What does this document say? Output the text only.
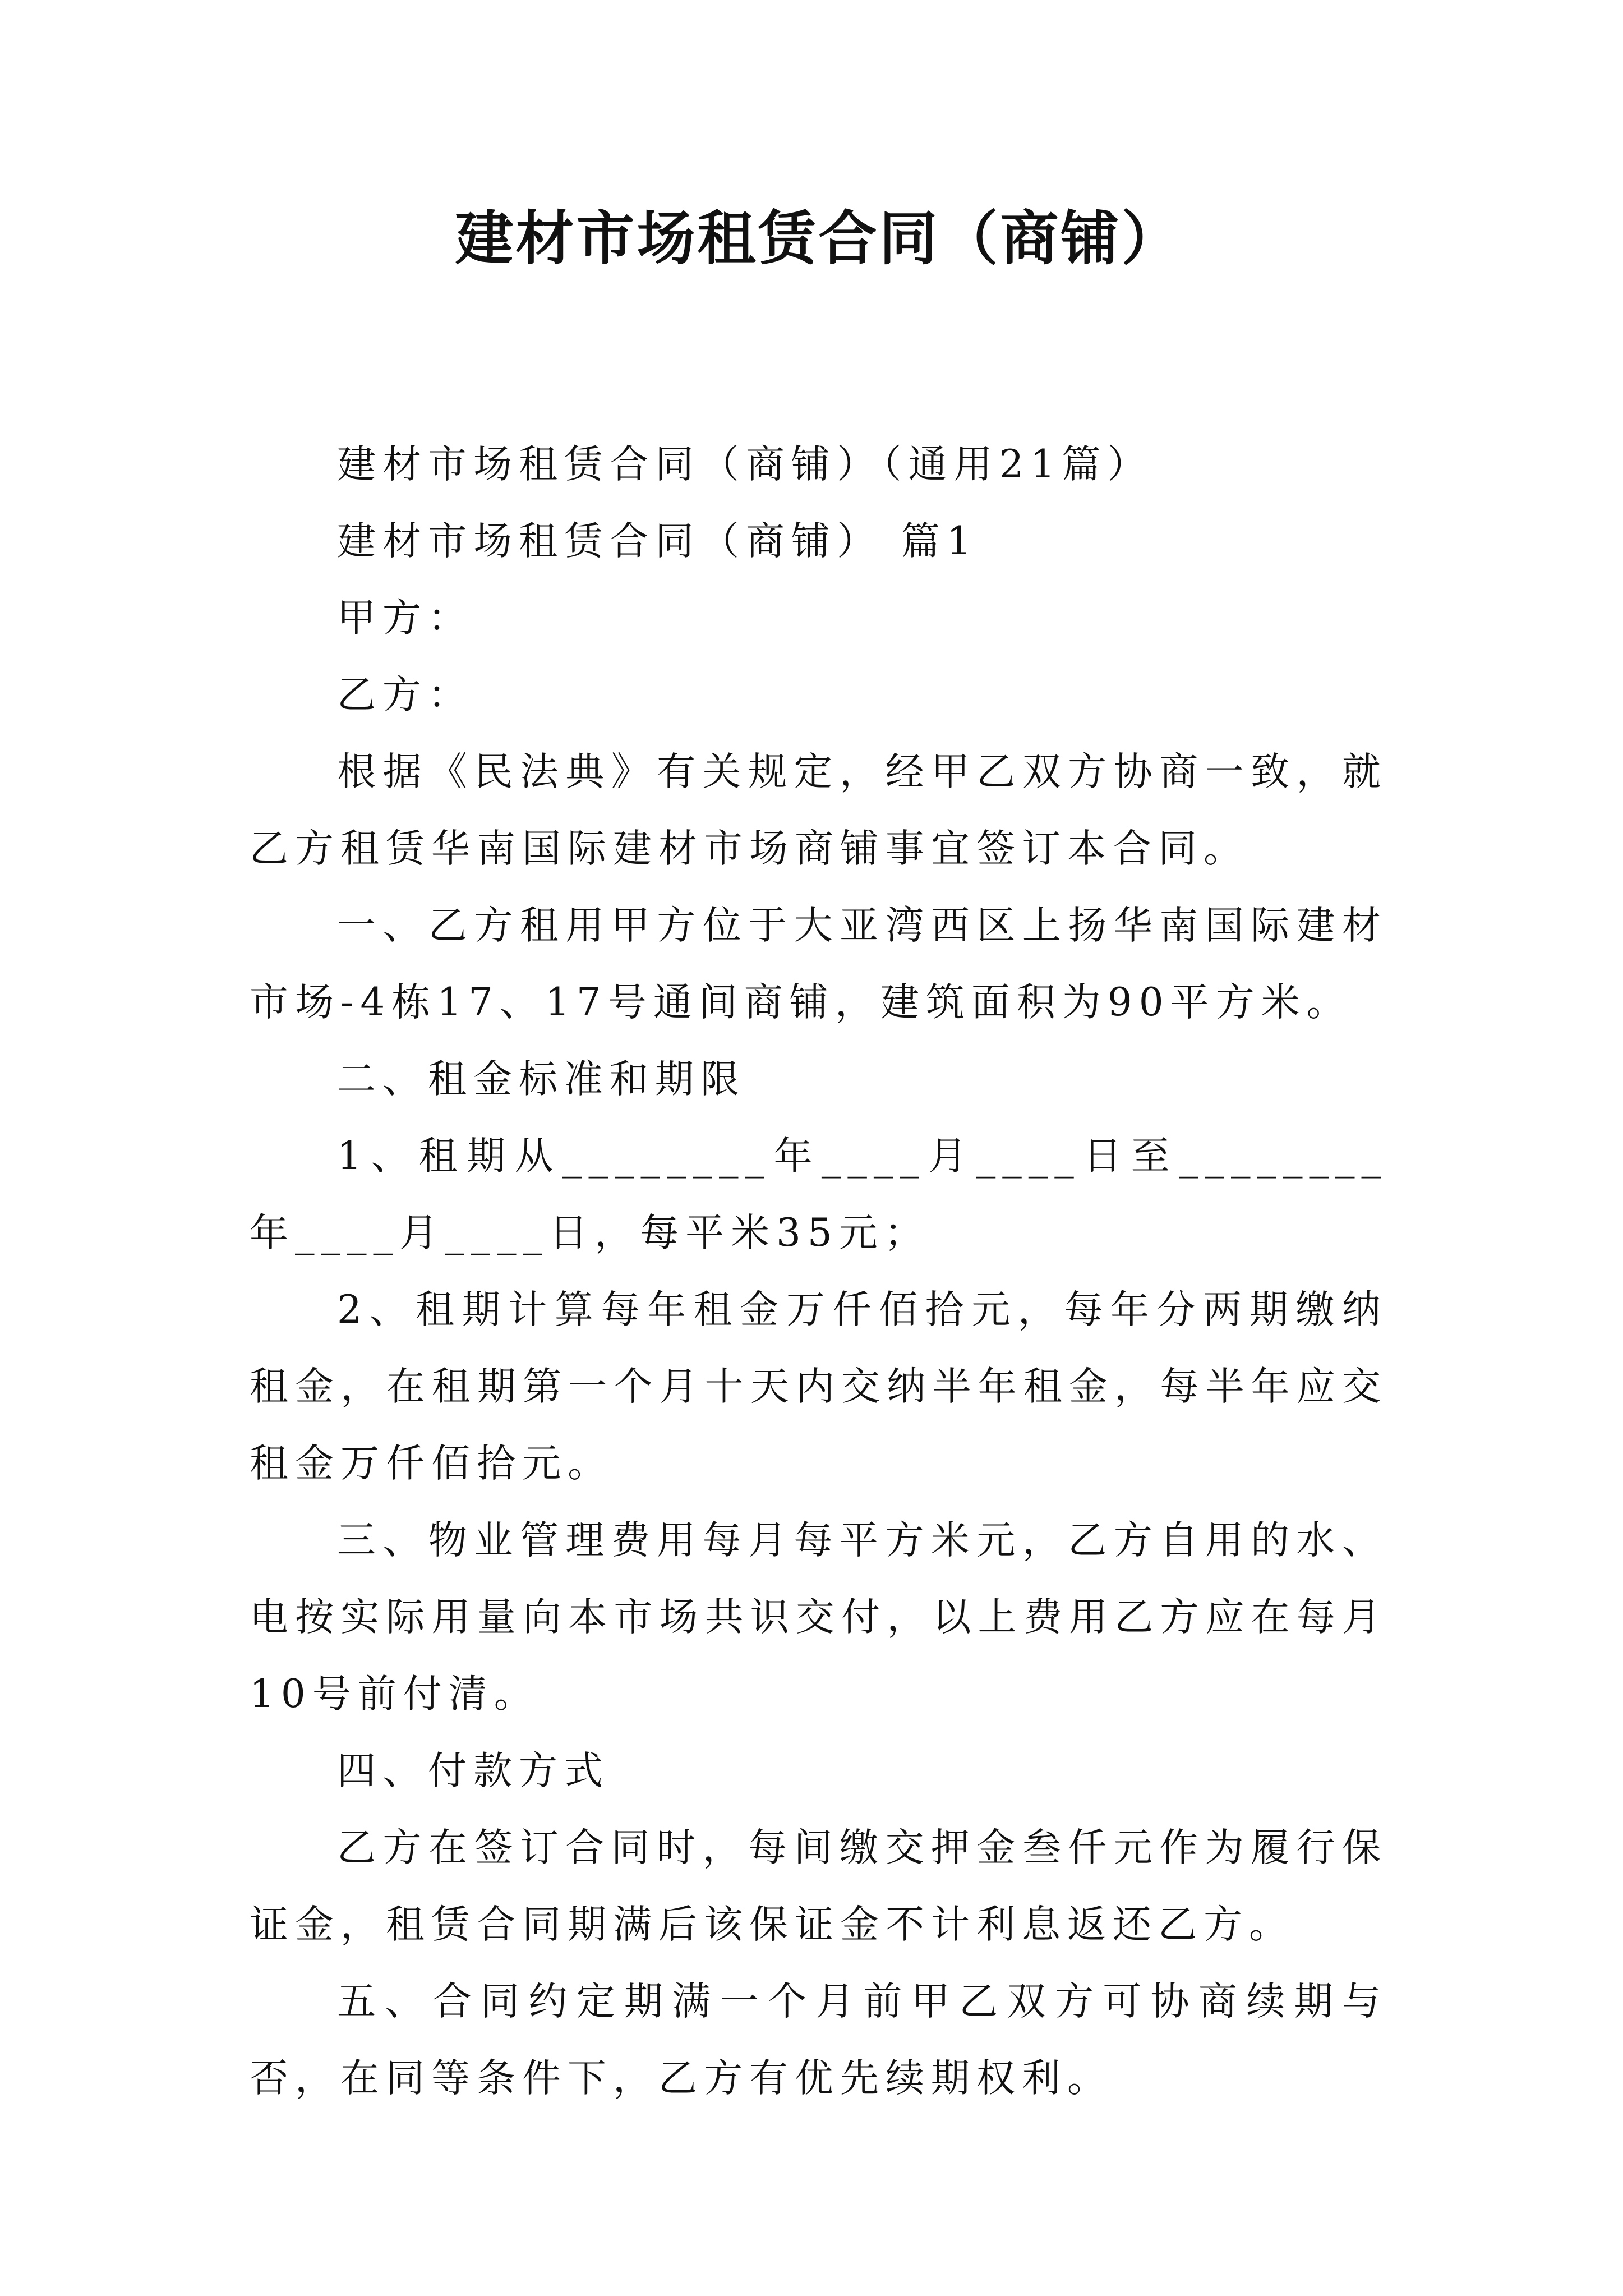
建材市场租赁合同（商铺）

建材市场租赁合同（商铺）（通用21篇）

建材市场租赁合同（商铺） 篇1

甲方：

乙方：

根据《民法典》有关规定，经甲乙双方协商一致，就乙方租赁华南国际建材市场商铺事宜签订本合同。

一、乙方租用甲方位于大亚湾西区上扬华南国际建材市场-4栋17、17号通间商铺，建筑面积为90平方米。

二、租金标准和期限

1、租期从________年____月____日至________年____月____日，每平米35元；

2、租期计算每年租金万仟佰拾元，每年分两期缴纳租金，在租期第一个月十天内交纳半年租金，每半年应交租金万仟佰拾元。

三、物业管理费用每月每平方米元，乙方自用的水、电按实际用量向本市场共识交付，以上费用乙方应在每月10号前付清。

四、付款方式

乙方在签订合同时，每间缴交押金叁仟元作为履行保证金，租赁合同期满后该保证金不计利息返还乙方。

五、合同约定期满一个月前甲乙双方可协商续期与否，在同等条件下，乙方有优先续期权利。
